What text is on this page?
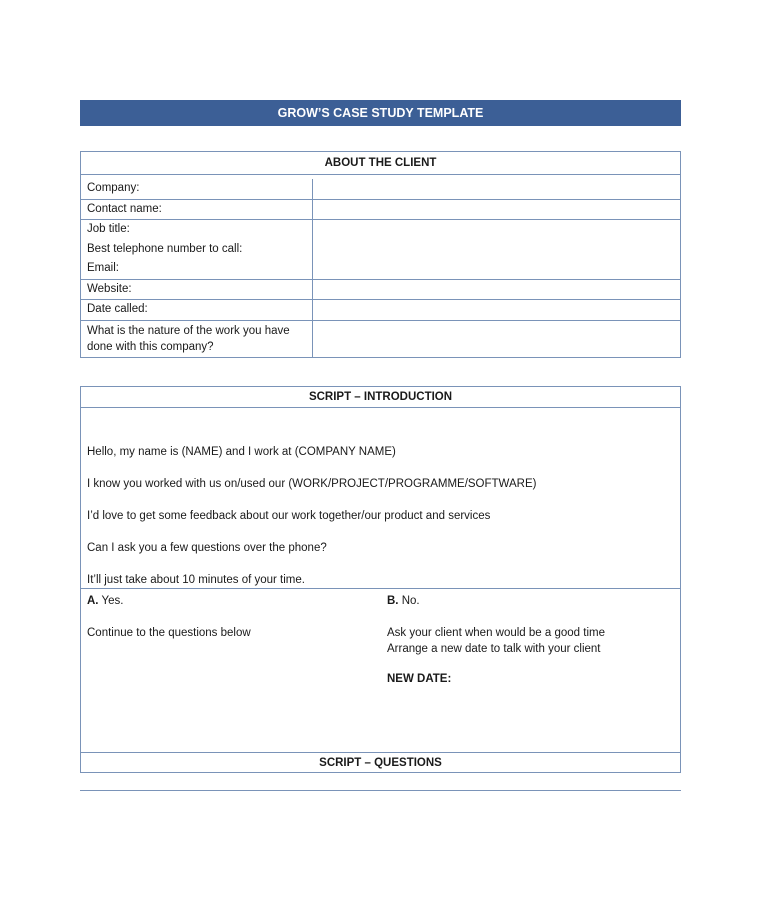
GROW’S CASE STUDY TEMPLATE
ABOUT THE CLIENT	

Company:	
Contact name:	

Job title:
Best telephone number to call:
Email:	

Website:	
Date called:	
What is the nature of the work you have done with this company?	
SCRIPT – INTRODUCTION
Hello, my name is (NAME) and I work at (COMPANY NAME)
I know you worked with us on/used our (WORK/PROJECT/PROGRAMME/SOFTWARE)
I’d love to get some feedback about our work together/our product and services
Can I ask you a few questions over the phone?
It’ll just take about 10 minutes of your time.
A. Yes.
Continue to the questions below
B. No.
Ask your client when would be a good time
Arrange a new date to talk with your client
NEW DATE:
SCRIPT – QUESTIONS
